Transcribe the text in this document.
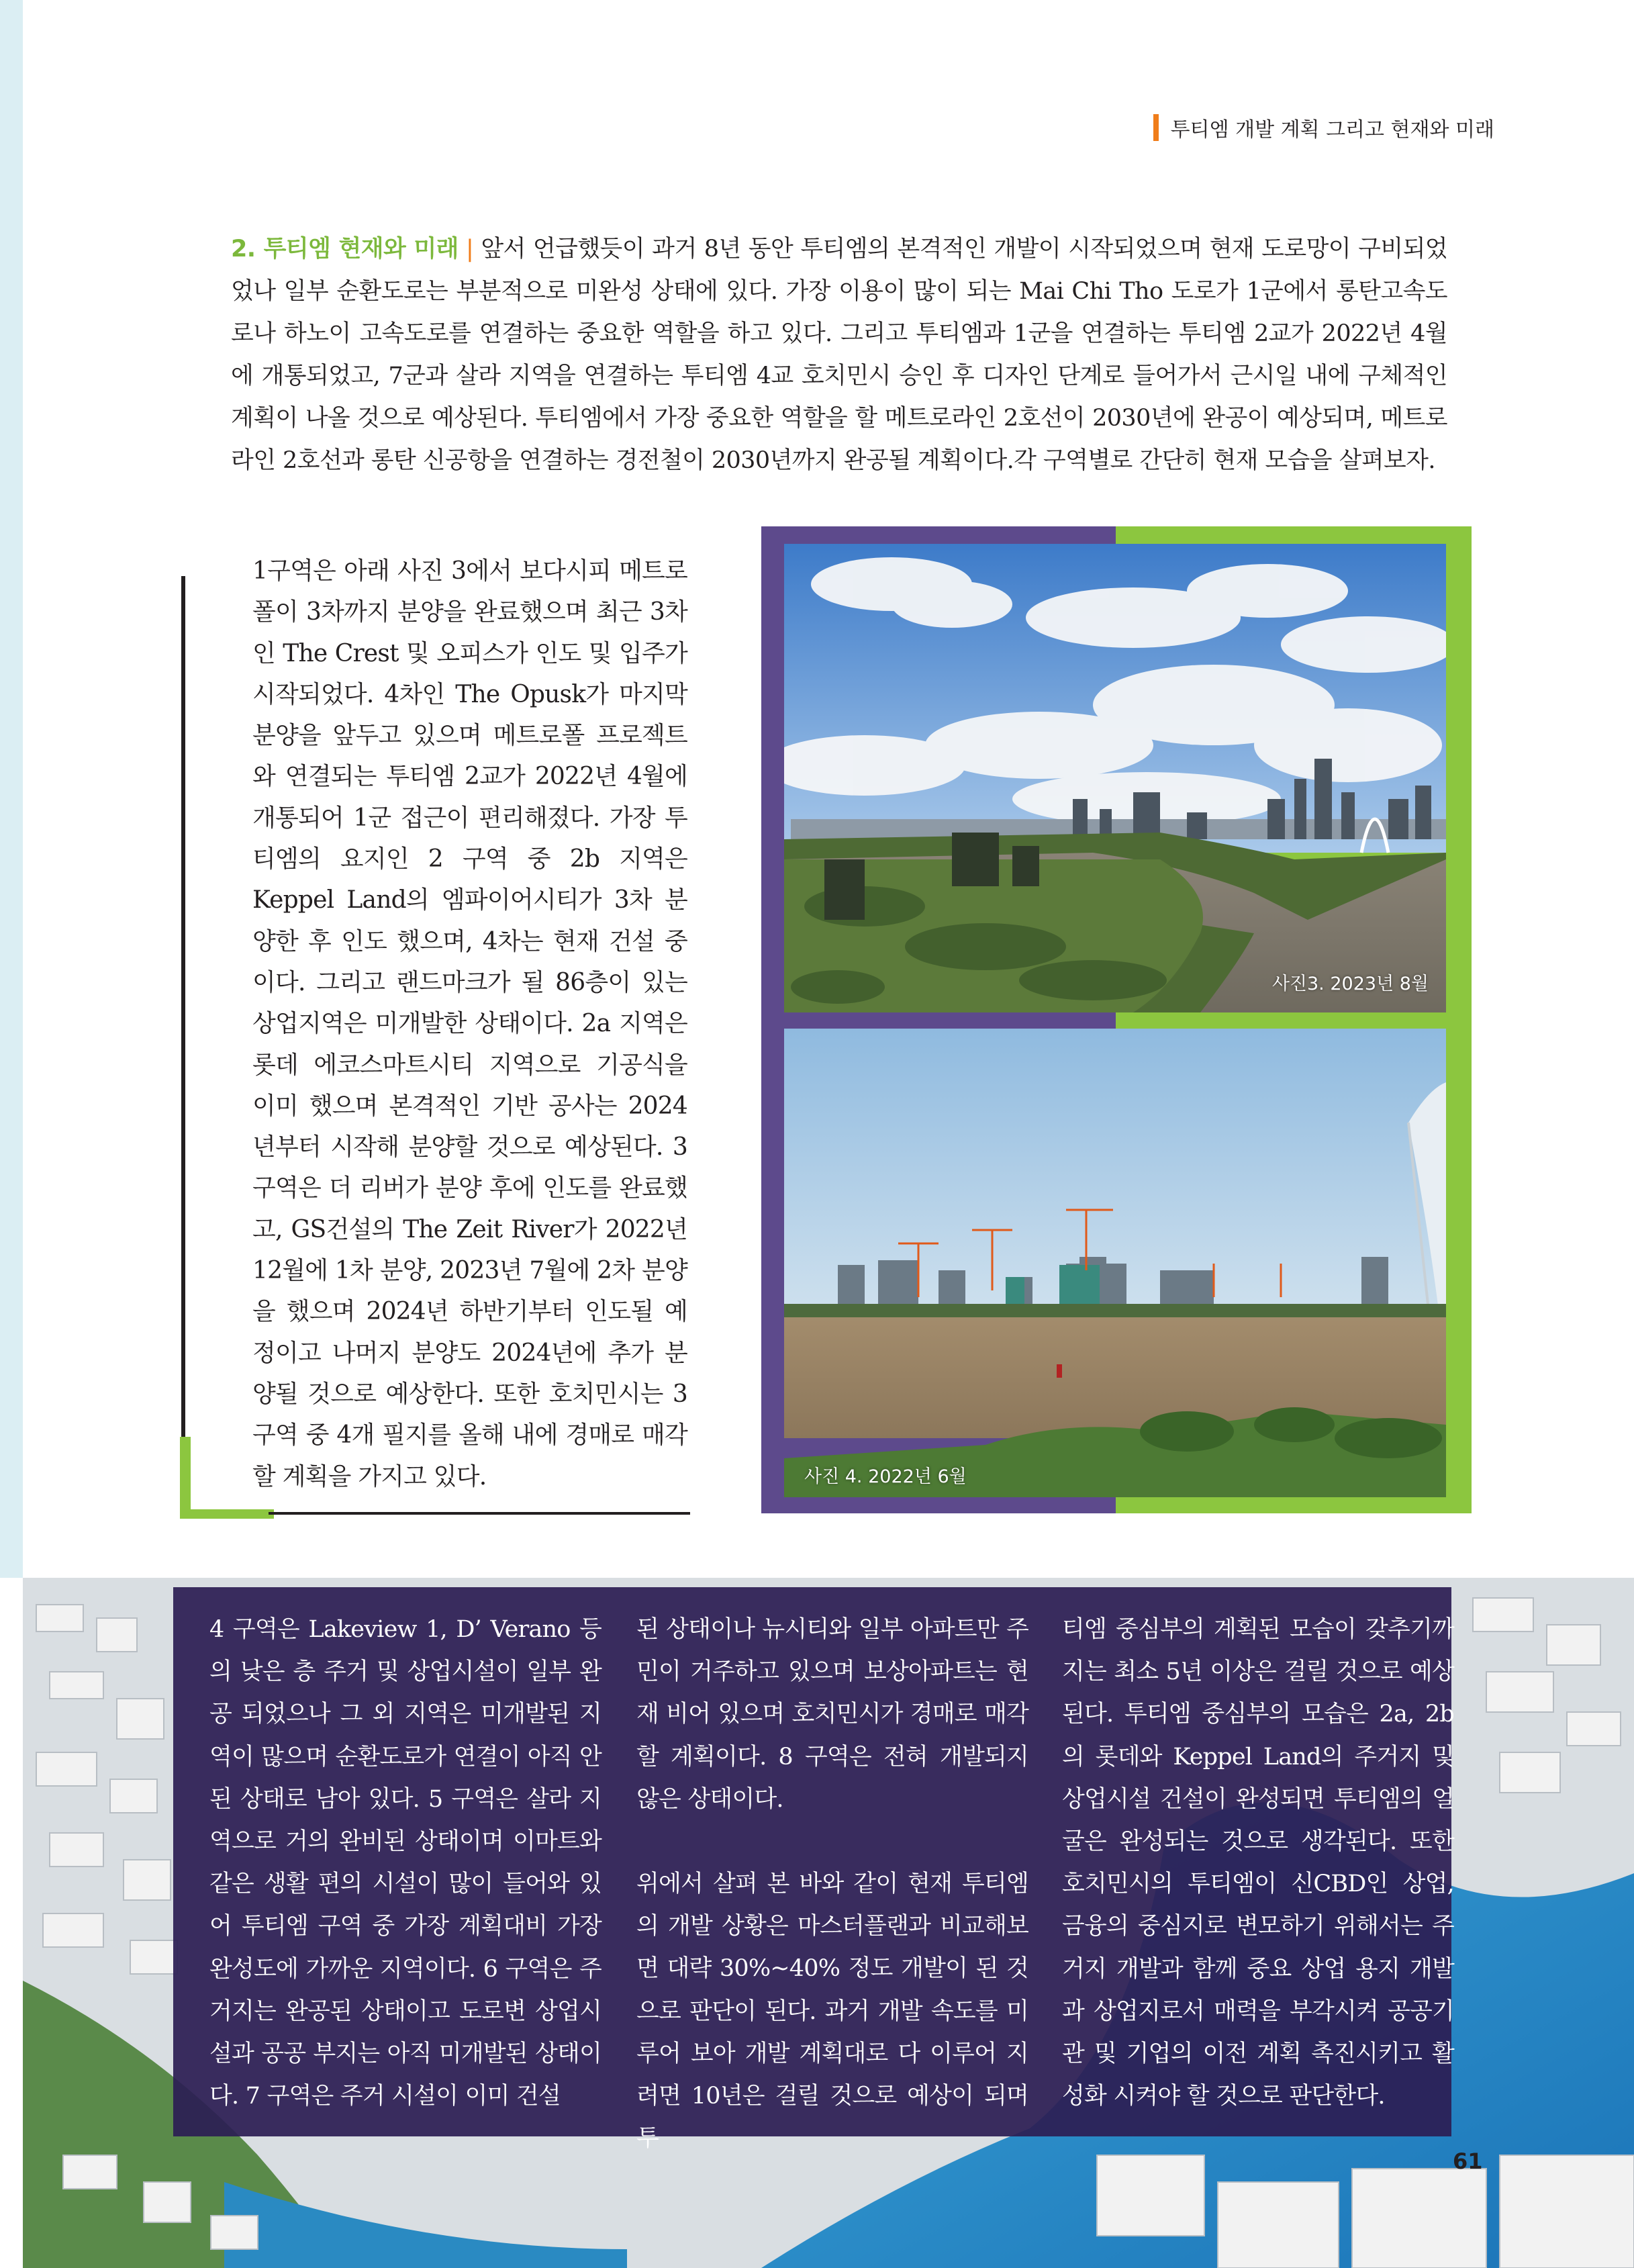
투티엠 개발 계획 그리고 현재와 미래
2. 투티엠 현재와 미래 | 앞서 언급했듯이 과거 8년 동안 투티엠의 본격적인 개발이 시작되었으며 현재 도로망이 구비되었었나 일부 순환도로는 부분적으로 미완성 상태에 있다. 가장 이용이 많이 되는 Mai Chi Tho 도로가 1군에서 롱탄고속도로나 하노이 고속도로를 연결하는 중요한 역할을 하고 있다. 그리고 투티엠과 1군을 연결하는 투티엠 2교가 2022년 4월에 개통되었고, 7군과 살라 지역을 연결하는 투티엠 4교 호치민시 승인 후 디자인 단계로 들어가서 근시일 내에 구체적인 계획이 나올 것으로 예상된다. 투티엠에서 가장 중요한 역할을 할 메트로라인 2호선이 2030년에 완공이 예상되며, 메트로라인 2호선과 롱탄 신공항을 연결하는 경전철이 2030년까지 완공될 계획이다.각 구역별로 간단히 현재 모습을 살펴보자.
1구역은 아래 사진 3에서 보다시피 메트로폴이 3차까지 분양을 완료했으며 최근 3차인 The Crest 및 오피스가 인도 및 입주가 시작되었다. 4차인 The Opusk가 마지막 분양을 앞두고 있으며 메트로폴 프로젝트와 연결되는 투티엠 2교가 2022년 4월에 개통되어 1군 접근이 편리해졌다. 가장 투티엠의 요지인 2 구역 중 2b 지역은 Keppel Land의 엠파이어시티가 3차 분양한 후 인도 했으며, 4차는 현재 건설 중이다. 그리고 랜드마크가 될 86층이 있는 상업지역은 미개발한 상태이다. 2a 지역은 롯데 에코스마트시티 지역으로 기공식을 이미 했으며 본격적인 기반 공사는 2024년부터 시작해 분양할 것으로 예상된다. 3 구역은 더 리버가 분양 후에 인도를 완료했고, GS건설의 The Zeit River가 2022년 12월에 1차 분양, 2023년 7월에 2차 분양을 했으며 2024년 하반기부터 인도될 예정이고 나머지 분양도 2024년에 추가 분양될 것으로 예상한다. 또한 호치민시는 3 구역 중 4개 필지를 올해 내에 경매로 매각할 계획을 가지고 있다.
사진3. 2023년 8월
사진 4. 2022년 6월

4 구역은 Lakeview 1, D’ Verano 등의 낮은 층 주거 및 상업시설이 일부 완공 되었으나 그 외 지역은 미개발된 지역이 많으며 순환도로가 연결이 아직 안된 상태로 남아 있다. 5 구역은 살라 지역으로 거의 완비된 상태이며 이마트와 같은 생활 편의 시설이 많이 들어와 있어 투티엠 구역 중 가장 계획대비 가장 완성도에 가까운 지역이다. 6 구역은 주거지는 완공된 상태이고 도로변 상업시설과 공공 부지는 아직 미개발된 상태이다. 7 구역은 주거 시설이 이미 건설

된 상태이나 뉴시티와 일부 아파트만 주민이 거주하고 있으며 보상아파트는 현재 비어 있으며 호치민시가 경매로 매각할 계획이다. 8 구역은 전혀 개발되지 않은 상태이다.

위에서 살펴 본 바와 같이 현재 투티엠의 개발 상황은 마스터플랜과 비교해보면 대략 30%~40% 정도 개발이 된 것으로 판단이 된다. 과거 개발 속도를 미루어 보아 개발 계획대로 다 이루어 지려면 10년은 걸릴 것으로 예상이 되며 투

티엠 중심부의 계획된 모습이 갖추기까지는 최소 5년 이상은 걸릴 것으로 예상된다. 투티엠 중심부의 모습은 2a, 2b의 롯데와 Keppel Land의 주거지 및 상업시설 건설이 완성되면 투티엠의 얼굴은 완성되는 것으로 생각된다. 또한 호치민시의 투티엠이 신CBD인 상업, 금융의 중심지로 변모하기 위해서는 주거지 개발과 함께 중요 상업 용지 개발과 상업지로서 매력을 부각시켜 공공기관 및 기업의 이전 계획 촉진시키고 활성화 시켜야 할 것으로 판단한다.

61
